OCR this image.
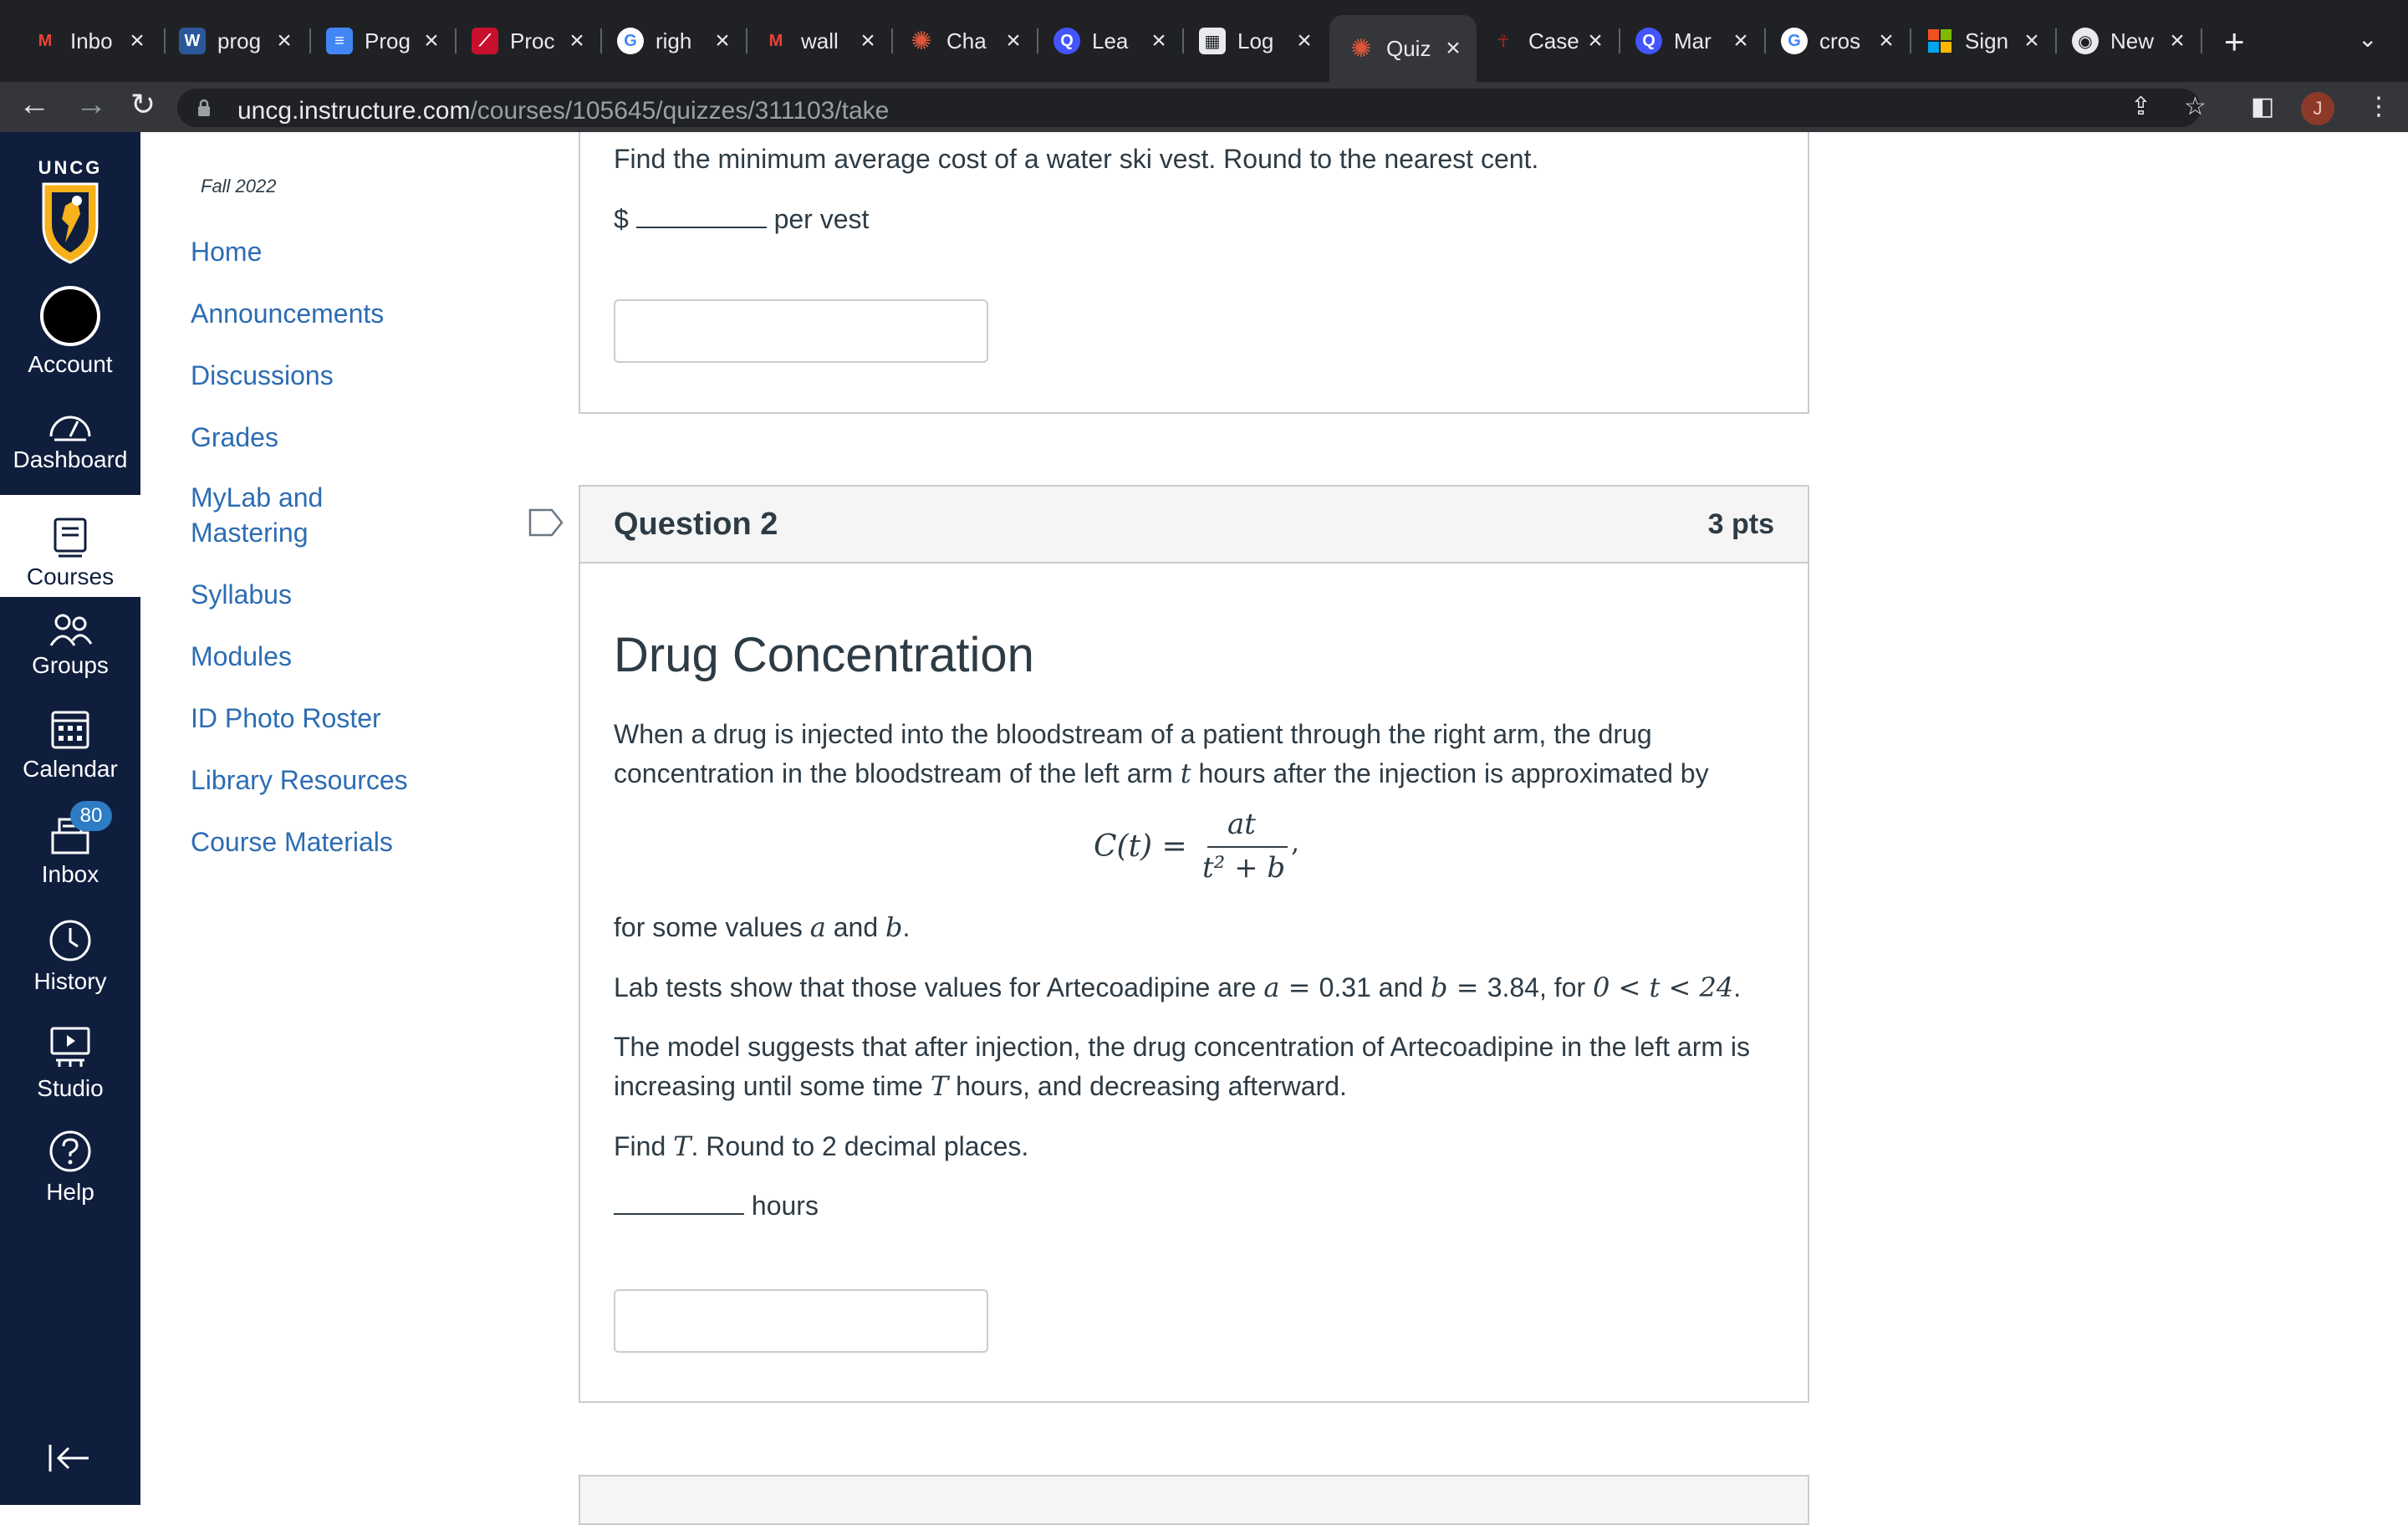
M Inbo ×	W prog ×	≡ Prog ×	⟋ Proc ×	G righ ×	M wall × ✺ Cha ×	Q Lea ×	▦ Log × ✺ Quiz ×	☥ Case ×	Q Mar ×	G cros ×	Sign ×	◉ New × +	⌄
← → ↻	uncg.instructure.com/courses/105645/quizzes/311103/take	⇪ ☆ ◧	J	⋮
UNCG
Account
Dashboard
Courses
Groups
Calendar
80
Inbox
History
Studio
Help
Fall 2022
Home
Announcements
Discussions
Grades
MyLab and
Mastering
Syllabus
Modules
ID Photo Roster
Library Resources
Course Materials
Find the minimum average cost of a water ski vest. Round to the nearest cent.
$	per vest
Question 2	3 pts
Drug Concentration
When a drug is injected into the bloodstream of a patient through the right arm, the drug
concentration in the bloodstream of the left arm t hours after the injection is approximated by
C(t) =
at
t² + b
,
for some values a and b.
Lab tests show that those values for Artecoadipine are a = 0.31 and b = 3.84, for 0 < t < 24.
The model suggests that after injection, the drug concentration of Artecoadipine in the left arm is
increasing until some time T hours, and decreasing afterward.
Find T. Round to 2 decimal places.
hours
